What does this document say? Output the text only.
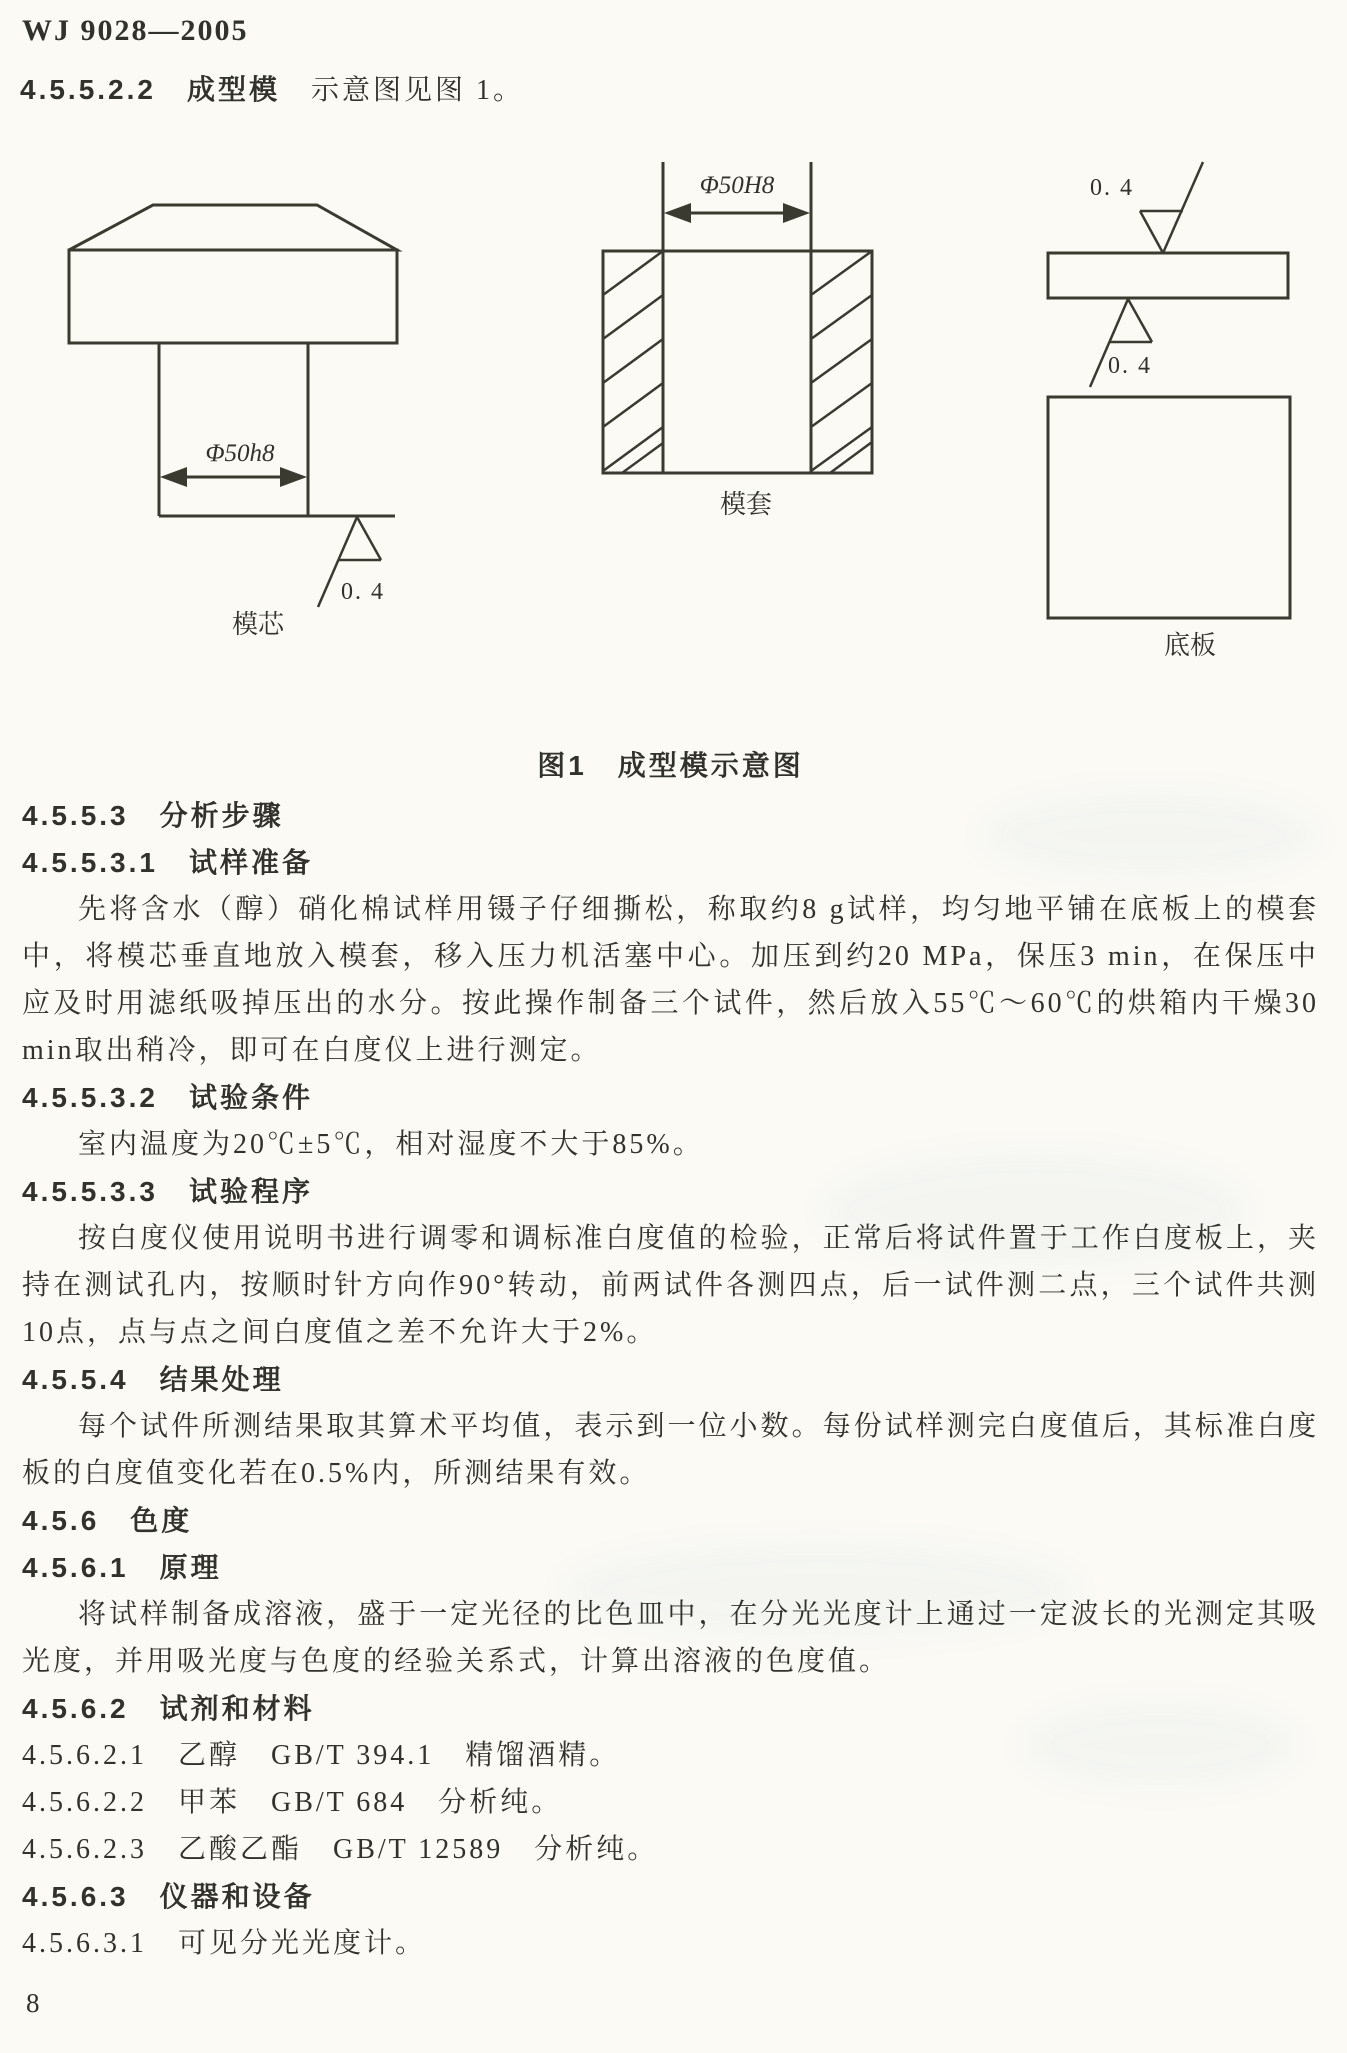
WJ 9028—2005
4.5.5.2.2　成型模　示意图见图 1。
Φ50h8
0. 4
模芯
Φ50H8
模套
0. 4
0. 4
底板

图1　成型模示意图

4.5.5.3　分析步骤

4.5.5.3.1　试样准备

先将含水（醇）硝化棉试样用镊子仔细撕松，称取约8 g试样，均匀地平铺在底板上的模套中，将模芯垂直地放入模套，移入压力机活塞中心。加压到约20 MPa，保压3 min，在保压中应及时用滤纸吸掉压出的水分。按此操作制备三个试件，然后放入55℃～60℃的烘箱内干燥30 min取出稍冷，即可在白度仪上进行测定。

4.5.5.3.2　试验条件

室内温度为20℃±5℃，相对湿度不大于85%。

4.5.5.3.3　试验程序

按白度仪使用说明书进行调零和调标准白度值的检验，正常后将试件置于工作白度板上，夹持在测试孔内，按顺时针方向作90°转动，前两试件各测四点，后一试件测二点，三个试件共测10点，点与点之间白度值之差不允许大于2%。

4.5.5.4　结果处理

每个试件所测结果取其算术平均值，表示到一位小数。每份试样测完白度值后，其标准白度板的白度值变化若在0.5%内，所测结果有效。

4.5.6　色度

4.5.6.1　原理

将试样制备成溶液，盛于一定光径的比色皿中，在分光光度计上通过一定波长的光测定其吸光度，并用吸光度与色度的经验关系式，计算出溶液的色度值。

4.5.6.2　试剂和材料

4.5.6.2.1　乙醇　GB/T 394.1　精馏酒精。

4.5.6.2.2　甲苯　GB/T 684　分析纯。

4.5.6.2.3　乙酸乙酯　GB/T 12589　分析纯。

4.5.6.3　仪器和设备

4.5.6.3.1　可见分光光度计。

8
